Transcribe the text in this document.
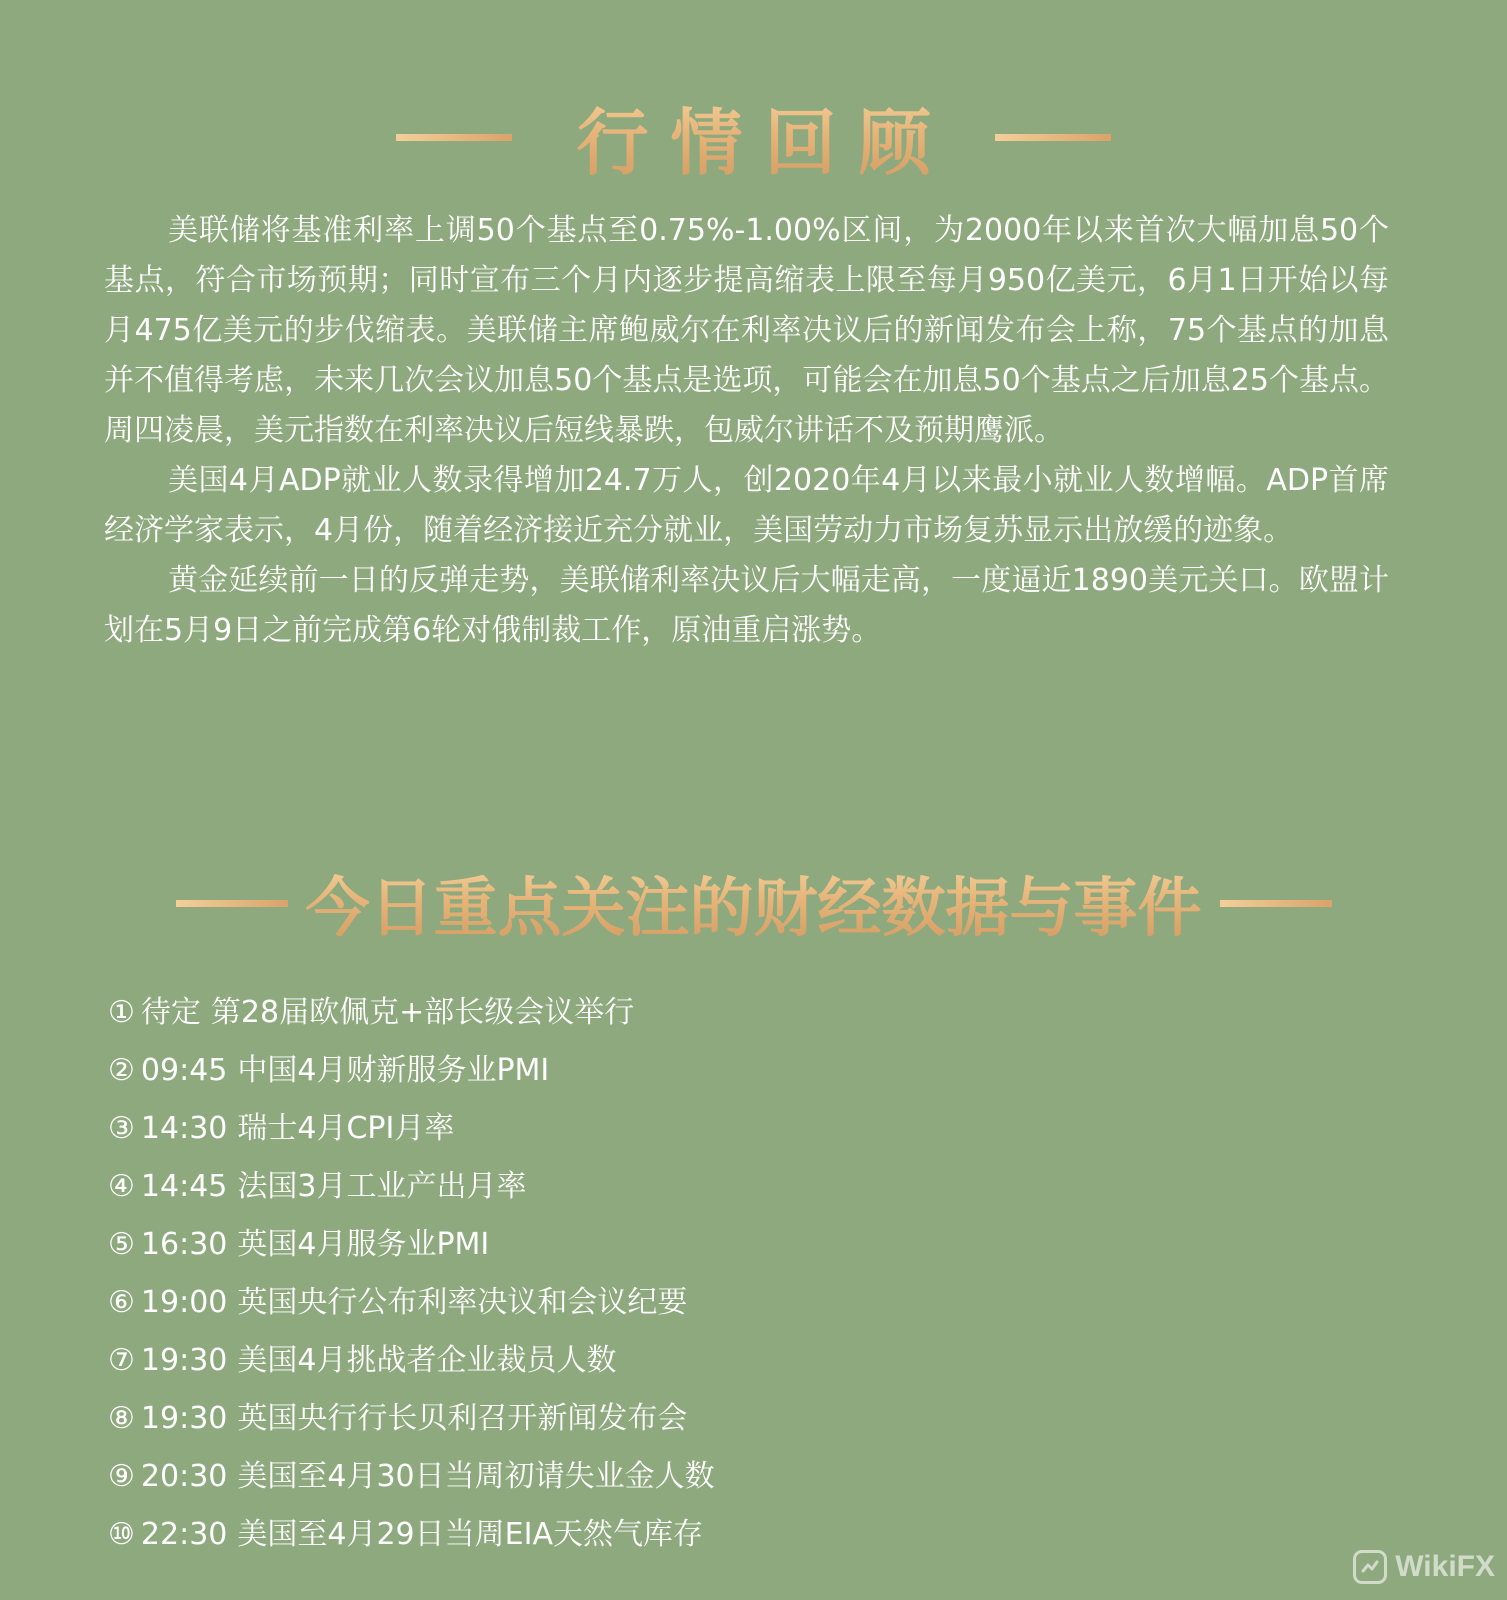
行情回顾

美联储将基准利率上调50个基点至0.75%-1.00%区间，为2000年以来首次大幅加息50个基点，符合市场预期；同时宣布三个月内逐步提高缩表上限至每月950亿美元，6月1日开始以每月475亿美元的步伐缩表。美联储主席鲍威尔在利率决议后的新闻发布会上称，75个基点的加息并不值得考虑，未来几次会议加息50个基点是选项，可能会在加息50个基点之后加息25个基点。周四凌晨，美元指数在利率决议后短线暴跌，包威尔讲话不及预期鹰派。

美国4月ADP就业人数录得增加24.7万人，创2020年4月以来最小就业人数增幅。ADP首席经济学家表示，4月份，随着经济接近充分就业，美国劳动力市场复苏显示出放缓的迹象。

黄金延续前一日的反弹走势，美联储利率决议后大幅走高，一度逼近1890美元关口。欧盟计划在5月9日之前完成第6轮对俄制裁工作，原油重启涨势。

今日重点关注的财经数据与事件
① 待定 第28届欧佩克+部长级会议举行
② 09:45 中国4月财新服务业PMI
③ 14:30 瑞士4月CPI月率
④ 14:45 法国3月工业产出月率
⑤ 16:30 英国4月服务业PMI
⑥ 19:00 英国央行公布利率决议和会议纪要
⑦ 19:30 美国4月挑战者企业裁员人数
⑧ 19:30 英国央行行长贝利召开新闻发布会
⑨ 20:30 美国至4月30日当周初请失业金人数
⑩ 22:30 美国至4月29日当周EIA天然气库存
WikiFX
